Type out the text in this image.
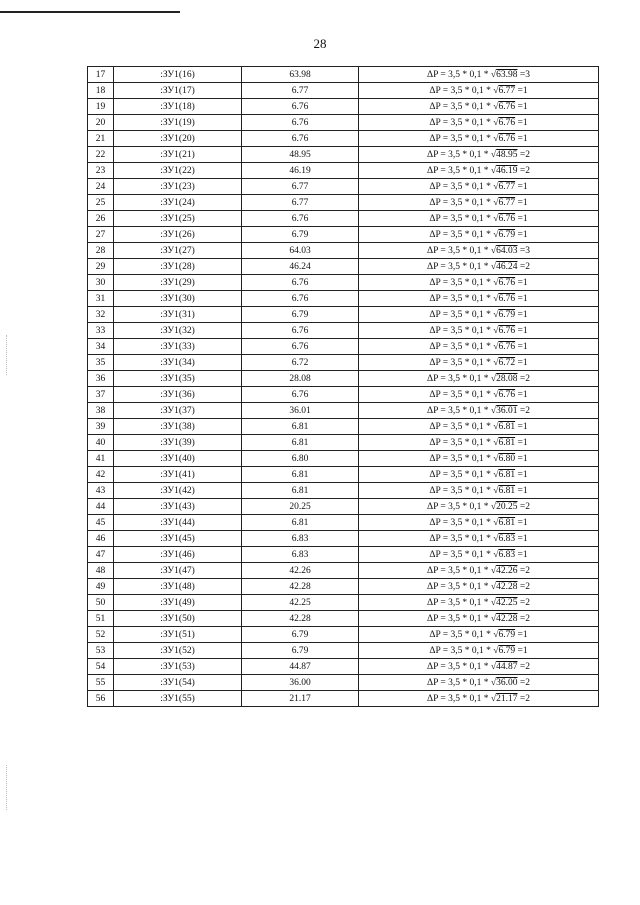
28
17	:ЗУ1(16)	63.98	ΔP = 3,5 * 0,1 * √63.98 =3
18	:ЗУ1(17)	6.77	ΔP = 3,5 * 0,1 * √6.77 =1
19	:ЗУ1(18)	6.76	ΔP = 3,5 * 0,1 * √6.76 =1
20	:ЗУ1(19)	6.76	ΔP = 3,5 * 0,1 * √6.76 =1
21	:ЗУ1(20)	6.76	ΔP = 3,5 * 0,1 * √6.76 =1
22	:ЗУ1(21)	48.95	ΔP = 3,5 * 0,1 * √48.95 =2
23	:ЗУ1(22)	46.19	ΔP = 3,5 * 0,1 * √46.19 =2
24	:ЗУ1(23)	6.77	ΔP = 3,5 * 0,1 * √6.77 =1
25	:ЗУ1(24)	6.77	ΔP = 3,5 * 0,1 * √6.77 =1
26	:ЗУ1(25)	6.76	ΔP = 3,5 * 0,1 * √6.76 =1
27	:ЗУ1(26)	6.79	ΔP = 3,5 * 0,1 * √6.79 =1
28	:ЗУ1(27)	64.03	ΔP = 3,5 * 0,1 * √64.03 =3
29	:ЗУ1(28)	46.24	ΔP = 3,5 * 0,1 * √46.24 =2
30	:ЗУ1(29)	6.76	ΔP = 3,5 * 0,1 * √6.76 =1
31	:ЗУ1(30)	6.76	ΔP = 3,5 * 0,1 * √6.76 =1
32	:ЗУ1(31)	6.79	ΔP = 3,5 * 0,1 * √6.79 =1
33	:ЗУ1(32)	6.76	ΔP = 3,5 * 0,1 * √6.76 =1
34	:ЗУ1(33)	6.76	ΔP = 3,5 * 0,1 * √6.76 =1
35	:ЗУ1(34)	6.72	ΔP = 3,5 * 0,1 * √6.72 =1
36	:ЗУ1(35)	28.08	ΔP = 3,5 * 0,1 * √28.08 =2
37	:ЗУ1(36)	6.76	ΔP = 3,5 * 0,1 * √6.76 =1
38	:ЗУ1(37)	36.01	ΔP = 3,5 * 0,1 * √36.01 =2
39	:ЗУ1(38)	6.81	ΔP = 3,5 * 0,1 * √6.81 =1
40	:ЗУ1(39)	6.81	ΔP = 3,5 * 0,1 * √6.81 =1
41	:ЗУ1(40)	6.80	ΔP = 3,5 * 0,1 * √6.80 =1
42	:ЗУ1(41)	6.81	ΔP = 3,5 * 0,1 * √6.81 =1
43	:ЗУ1(42)	6.81	ΔP = 3,5 * 0,1 * √6.81 =1
44	:ЗУ1(43)	20.25	ΔP = 3,5 * 0,1 * √20.25 =2
45	:ЗУ1(44)	6.81	ΔP = 3,5 * 0,1 * √6.81 =1
46	:ЗУ1(45)	6.83	ΔP = 3,5 * 0,1 * √6.83 =1
47	:ЗУ1(46)	6.83	ΔP = 3,5 * 0,1 * √6.83 =1
48	:ЗУ1(47)	42.26	ΔP = 3,5 * 0,1 * √42.26 =2
49	:ЗУ1(48)	42.28	ΔP = 3,5 * 0,1 * √42.28 =2
50	:ЗУ1(49)	42.25	ΔP = 3,5 * 0,1 * √42.25 =2
51	:ЗУ1(50)	42.28	ΔP = 3,5 * 0,1 * √42.28 =2
52	:ЗУ1(51)	6.79	ΔP = 3,5 * 0,1 * √6.79 =1
53	:ЗУ1(52)	6.79	ΔP = 3,5 * 0,1 * √6.79 =1
54	:ЗУ1(53)	44.87	ΔP = 3,5 * 0,1 * √44.87 =2
55	:ЗУ1(54)	36.00	ΔP = 3,5 * 0,1 * √36.00 =2
56	:ЗУ1(55)	21.17	ΔP = 3,5 * 0,1 * √21.17 =2
